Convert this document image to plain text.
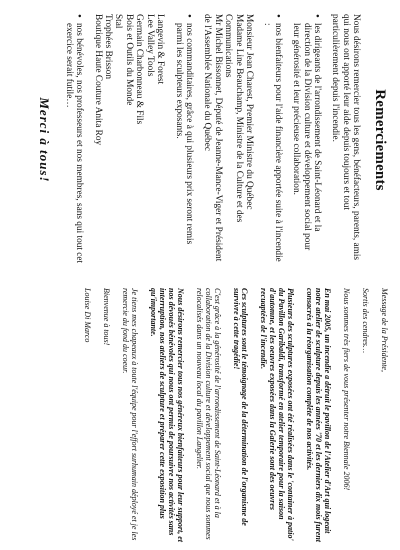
Remerciements

Nous désirons remercier tous les gens, bénéfacteurs, parents, amis qui nous ont apporté leur aide depuis toujours et tout particulièrement depuis l'incendie.

• les dirigeants de l'arrondissement de Saint-Léonard et la direction de la Division culture et développement social pour leur générosité et leur précieuse collaboration.
• nos bienfaiteurs pour l'aide financière apportée suite à l'incendie :
Monsieur Jean Charest, Premier Ministre du Québec
Madame Line Beauchamp, Ministre de la Culture et des Communications
Mr Michel Bissonnet, Député de Jeanne-Mance-Viger et Président de l'Assemblée Nationale du Québec
• nos commanditaires, grâce à qui plusieurs prix seront remis parmi les sculpteurs exposants.
Langevin & Forest
Lee Valley Tools
Germain Charbonneau & Fils
Bois et Outils du Monde
Stal
Trophées Brisson
Boutique Haute Couture Anita Roy
• nos bénévoles, nos professeurs et nos membres, sans qui tout cet exercice serait futile…
Merci à tous!

Message de la Présidente,

Sortis des cendres…

Nous sommes très fiers de vous présenter notre Biennale 2006!

En mai 2005, un incendie a détruit le pavillon de l'Atelier d'Art qui logeait notre atelier de sculpture depuis les années '70 et les derniers dix mois furent consacrés à la réorganisation complète de nos activités.

Plusieurs des sculptures exposées ont été réalisées dans le 'container à patio' du Pavillon Garibaldi, transformé en atelier temporaire pour la saison d'automne, et les oeuvres exposées dans la Galerie sont des oeuvres recuaptées de l'incendie.

Ces sculptures sont le témoignage de la détermination de l'organisme de survivre à cette tragédie!

C'est grâce à la générosité de l'arrondissement de Saint-Léonard et à la collaboration de la Division culture et développement social que nous sommes relocalisés dans un nouveau local du pavillon Langelier.

Nous désirons remercier tous nos généreux bienfaiteurs pour leur support, et nos dévoués bénévoles qui nous ont permis de poursuivre nos activités sans interruption, nos ateliers de sculpture et préparer cette exposition plus qu'importante.

Je tiens mes chapeaux à toute l'équipe pour l'effort surhumain déployé et je les remercie du fond du coeur.

Bienvenue à tous!

Louise Di Marco
